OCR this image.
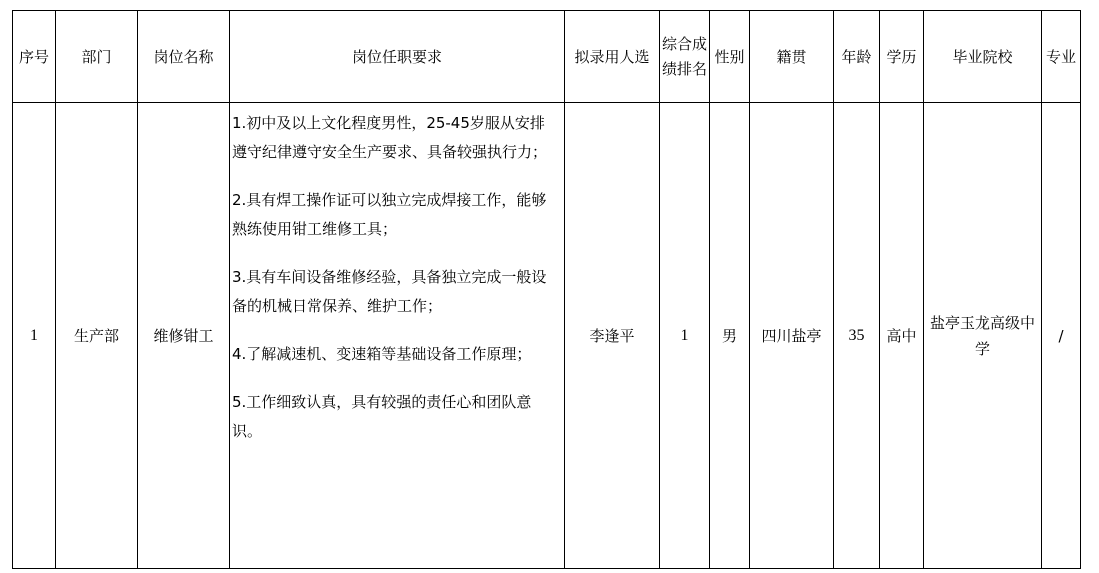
序号	部门	岗位名称	岗位任职要求	拟录用人选	综合成
绩排名	性别	籍贯	年龄	学历	毕业院校	专业
1	生产部	维修钳工	1.初中及以上文化程度男性，25-45岁服从安排遵守纪律遵守安全生产要求、具备较强执行力；

2.具有焊工操作证可以独立完成焊接工作，能够熟练使用钳工维修工具；

3.具有车间设备维修经验，具备独立完成一般设备的机械日常保养、维护工作；

4.了解减速机、变速箱等基础设备工作原理；

5.工作细致认真，具有较强的责任心和团队意识。	李逢平	1	男	四川盐亭	35	高中	盐亭玉龙高级中学	/
